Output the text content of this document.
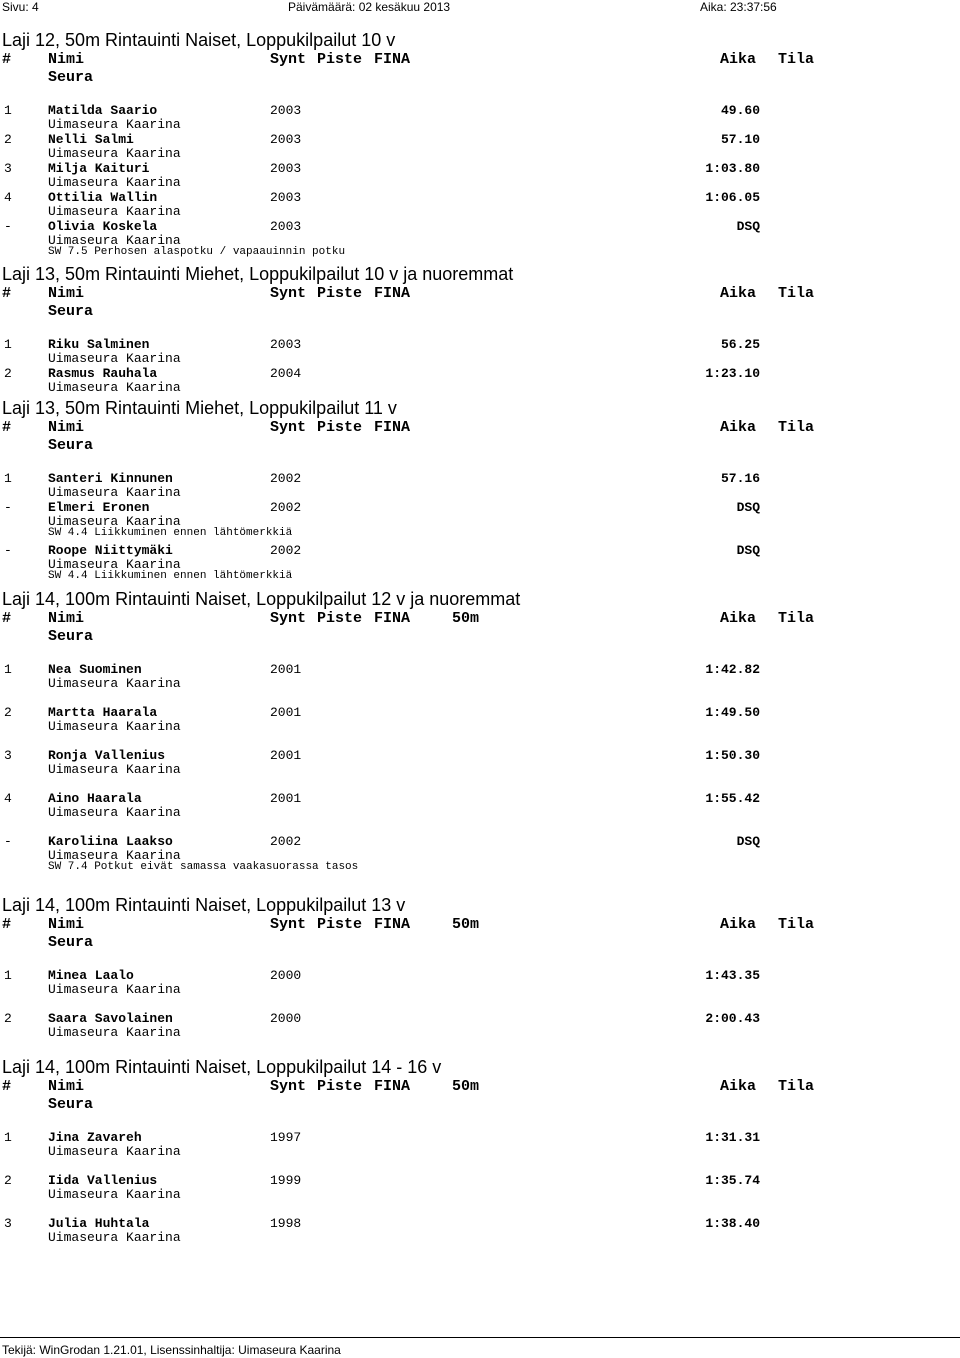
Sivu: 4	Päivämäärä: 02 kesäkuu 2013	Aika: 23:37:56
Laji 12, 50m Rintauinti Naiset, Loppukilpailut 10 v
# Nimi	Synt Piste FINA	Aika Tila
Seura
1	Matilda Saario	2003	49.60
Uimaseura Kaarina
2	Nelli Salmi	2003	57.10
Uimaseura Kaarina
3	Milja Kaituri	2003	1:03.80
Uimaseura Kaarina
4	Ottilia Wallin	2003	1:06.05
Uimaseura Kaarina
-	Olivia Koskela	2003	DSQ
Uimaseura Kaarina
SW 7.5 Perhosen alaspotku / vapaauinnin potku
Laji 13, 50m Rintauinti Miehet, Loppukilpailut 10 v ja nuoremmat
# Nimi	Synt Piste FINA	Aika Tila
Seura
1	Riku Salminen	2003	56.25
Uimaseura Kaarina
2	Rasmus Rauhala	2004	1:23.10
Uimaseura Kaarina
Laji 13, 50m Rintauinti Miehet, Loppukilpailut 11 v
# Nimi	Synt Piste FINA	Aika Tila
Seura
1	Santeri Kinnunen	2002	57.16
Uimaseura Kaarina
-	Elmeri Eronen	2002	DSQ
Uimaseura Kaarina
SW 4.4 Liikkuminen ennen lähtömerkkiä
-	Roope Niittymäki	2002	DSQ
Uimaseura Kaarina
SW 4.4 Liikkuminen ennen lähtömerkkiä
Laji 14, 100m Rintauinti Naiset, Loppukilpailut 12 v ja nuoremmat
# Nimi	Synt Piste FINA	50m	Aika Tila
Seura
1	Nea Suominen	2001	1:42.82
Uimaseura Kaarina
2	Martta Haarala	2001	1:49.50
Uimaseura Kaarina
3	Ronja Vallenius	2001	1:50.30
Uimaseura Kaarina
4	Aino Haarala	2001	1:55.42
Uimaseura Kaarina
-	Karoliina Laakso	2002	DSQ
Uimaseura Kaarina
SW 7.4 Potkut eivät samassa vaakasuorassa tasos
Laji 14, 100m Rintauinti Naiset, Loppukilpailut 13 v
# Nimi	Synt Piste FINA	50m	Aika Tila
Seura
1	Minea Laalo	2000	1:43.35
Uimaseura Kaarina
2	Saara Savolainen	2000	2:00.43
Uimaseura Kaarina
Laji 14, 100m Rintauinti Naiset, Loppukilpailut 14 - 16 v
# Nimi	Synt Piste FINA	50m	Aika Tila
Seura
1	Jina Zavareh	1997	1:31.31
Uimaseura Kaarina
2	Iida Vallenius	1999	1:35.74
Uimaseura Kaarina
3	Julia Huhtala	1998	1:38.40
Uimaseura Kaarina
Tekijä: WinGrodan 1.21.01, Lisenssinhaltija: Uimaseura Kaarina
